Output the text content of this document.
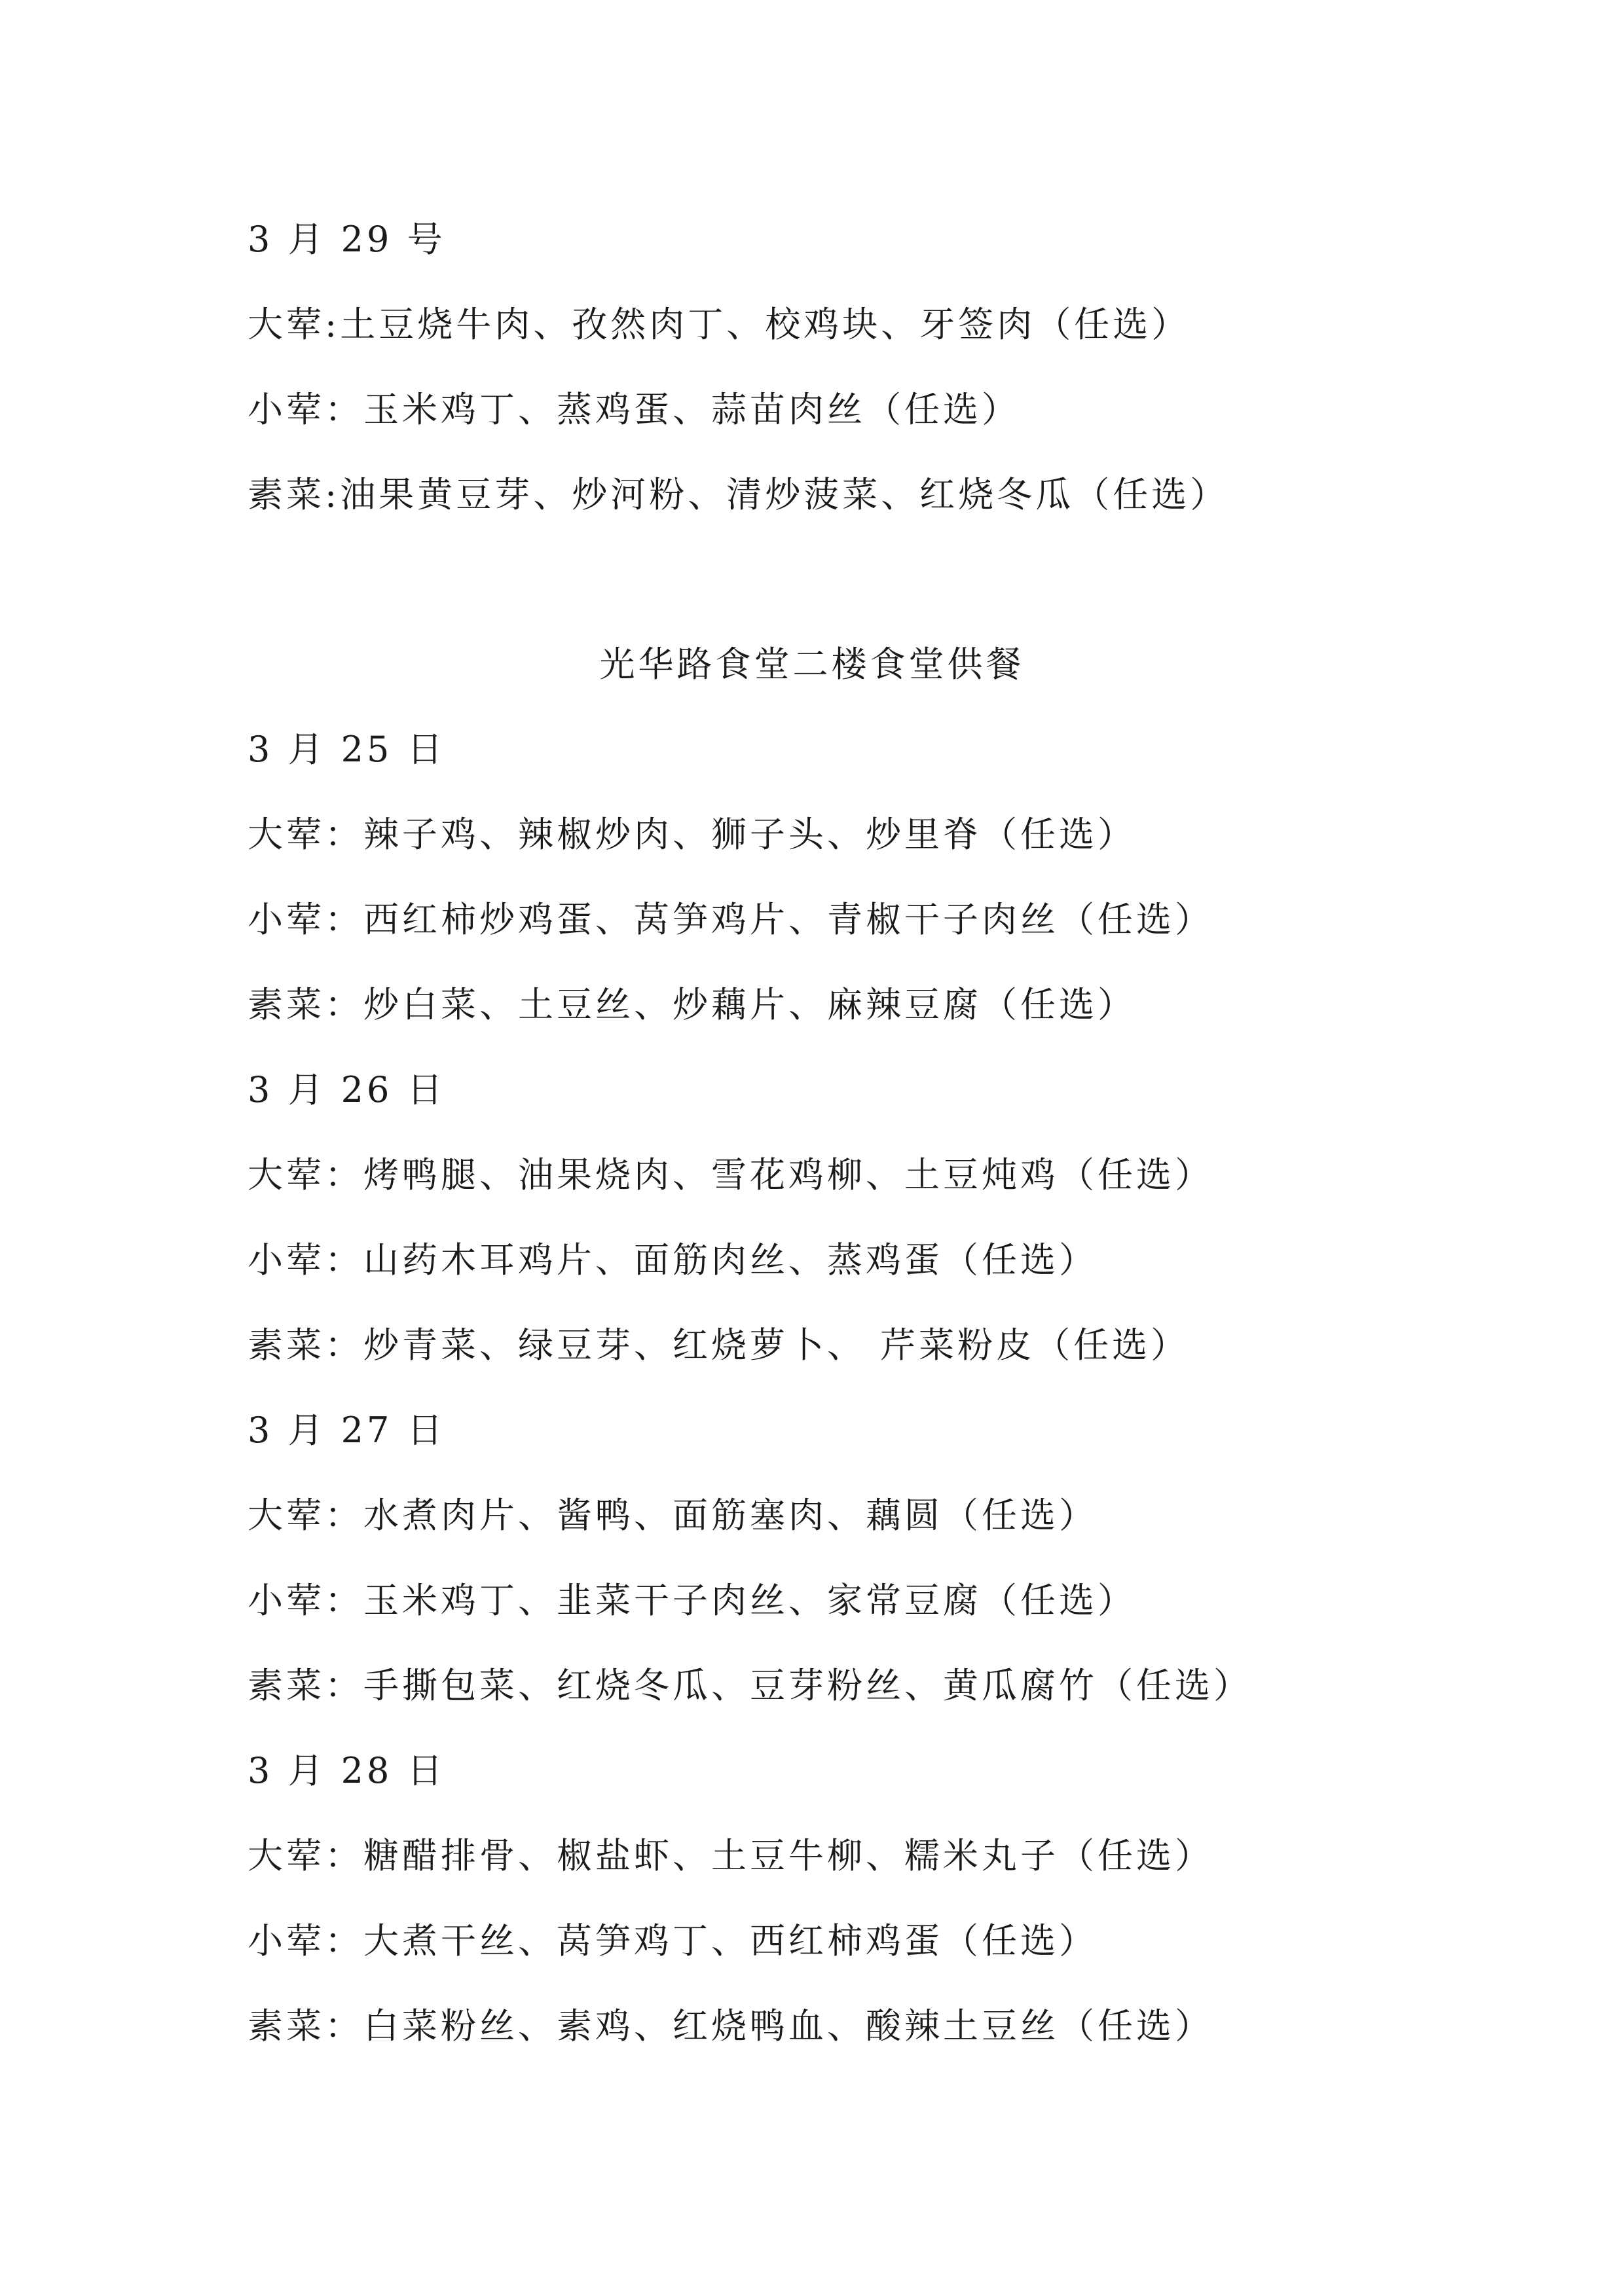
3 月 29 号
大荤:土豆烧牛肉、孜然肉丁、校鸡块、牙签肉（任选）
小荤：玉米鸡丁、蒸鸡蛋、蒜苗肉丝（任选）
素菜:油果黄豆芽、炒河粉、清炒菠菜、红烧冬瓜（任选）
光华路食堂二楼食堂供餐
3 月 25 日
大荤：辣子鸡、辣椒炒肉、狮子头、炒里脊（任选）
小荤：西红柿炒鸡蛋、莴笋鸡片、青椒干子肉丝（任选）
素菜：炒白菜、土豆丝、炒藕片、麻辣豆腐（任选）
3 月 26 日
大荤：烤鸭腿、油果烧肉、雪花鸡柳、土豆炖鸡（任选）
小荤：山药木耳鸡片、面筋肉丝、蒸鸡蛋（任选）
素菜：炒青菜、绿豆芽、红烧萝卜、 芹菜粉皮（任选）
3 月 27 日
大荤：水煮肉片、酱鸭、面筋塞肉、藕圆（任选）
小荤：玉米鸡丁、韭菜干子肉丝、家常豆腐（任选）
素菜：手撕包菜、红烧冬瓜、豆芽粉丝、黄瓜腐竹（任选）
3 月 28 日
大荤：糖醋排骨、椒盐虾、土豆牛柳、糯米丸子（任选）
小荤：大煮干丝、莴笋鸡丁、西红柿鸡蛋（任选）
素菜：白菜粉丝、素鸡、红烧鸭血、酸辣土豆丝（任选）
